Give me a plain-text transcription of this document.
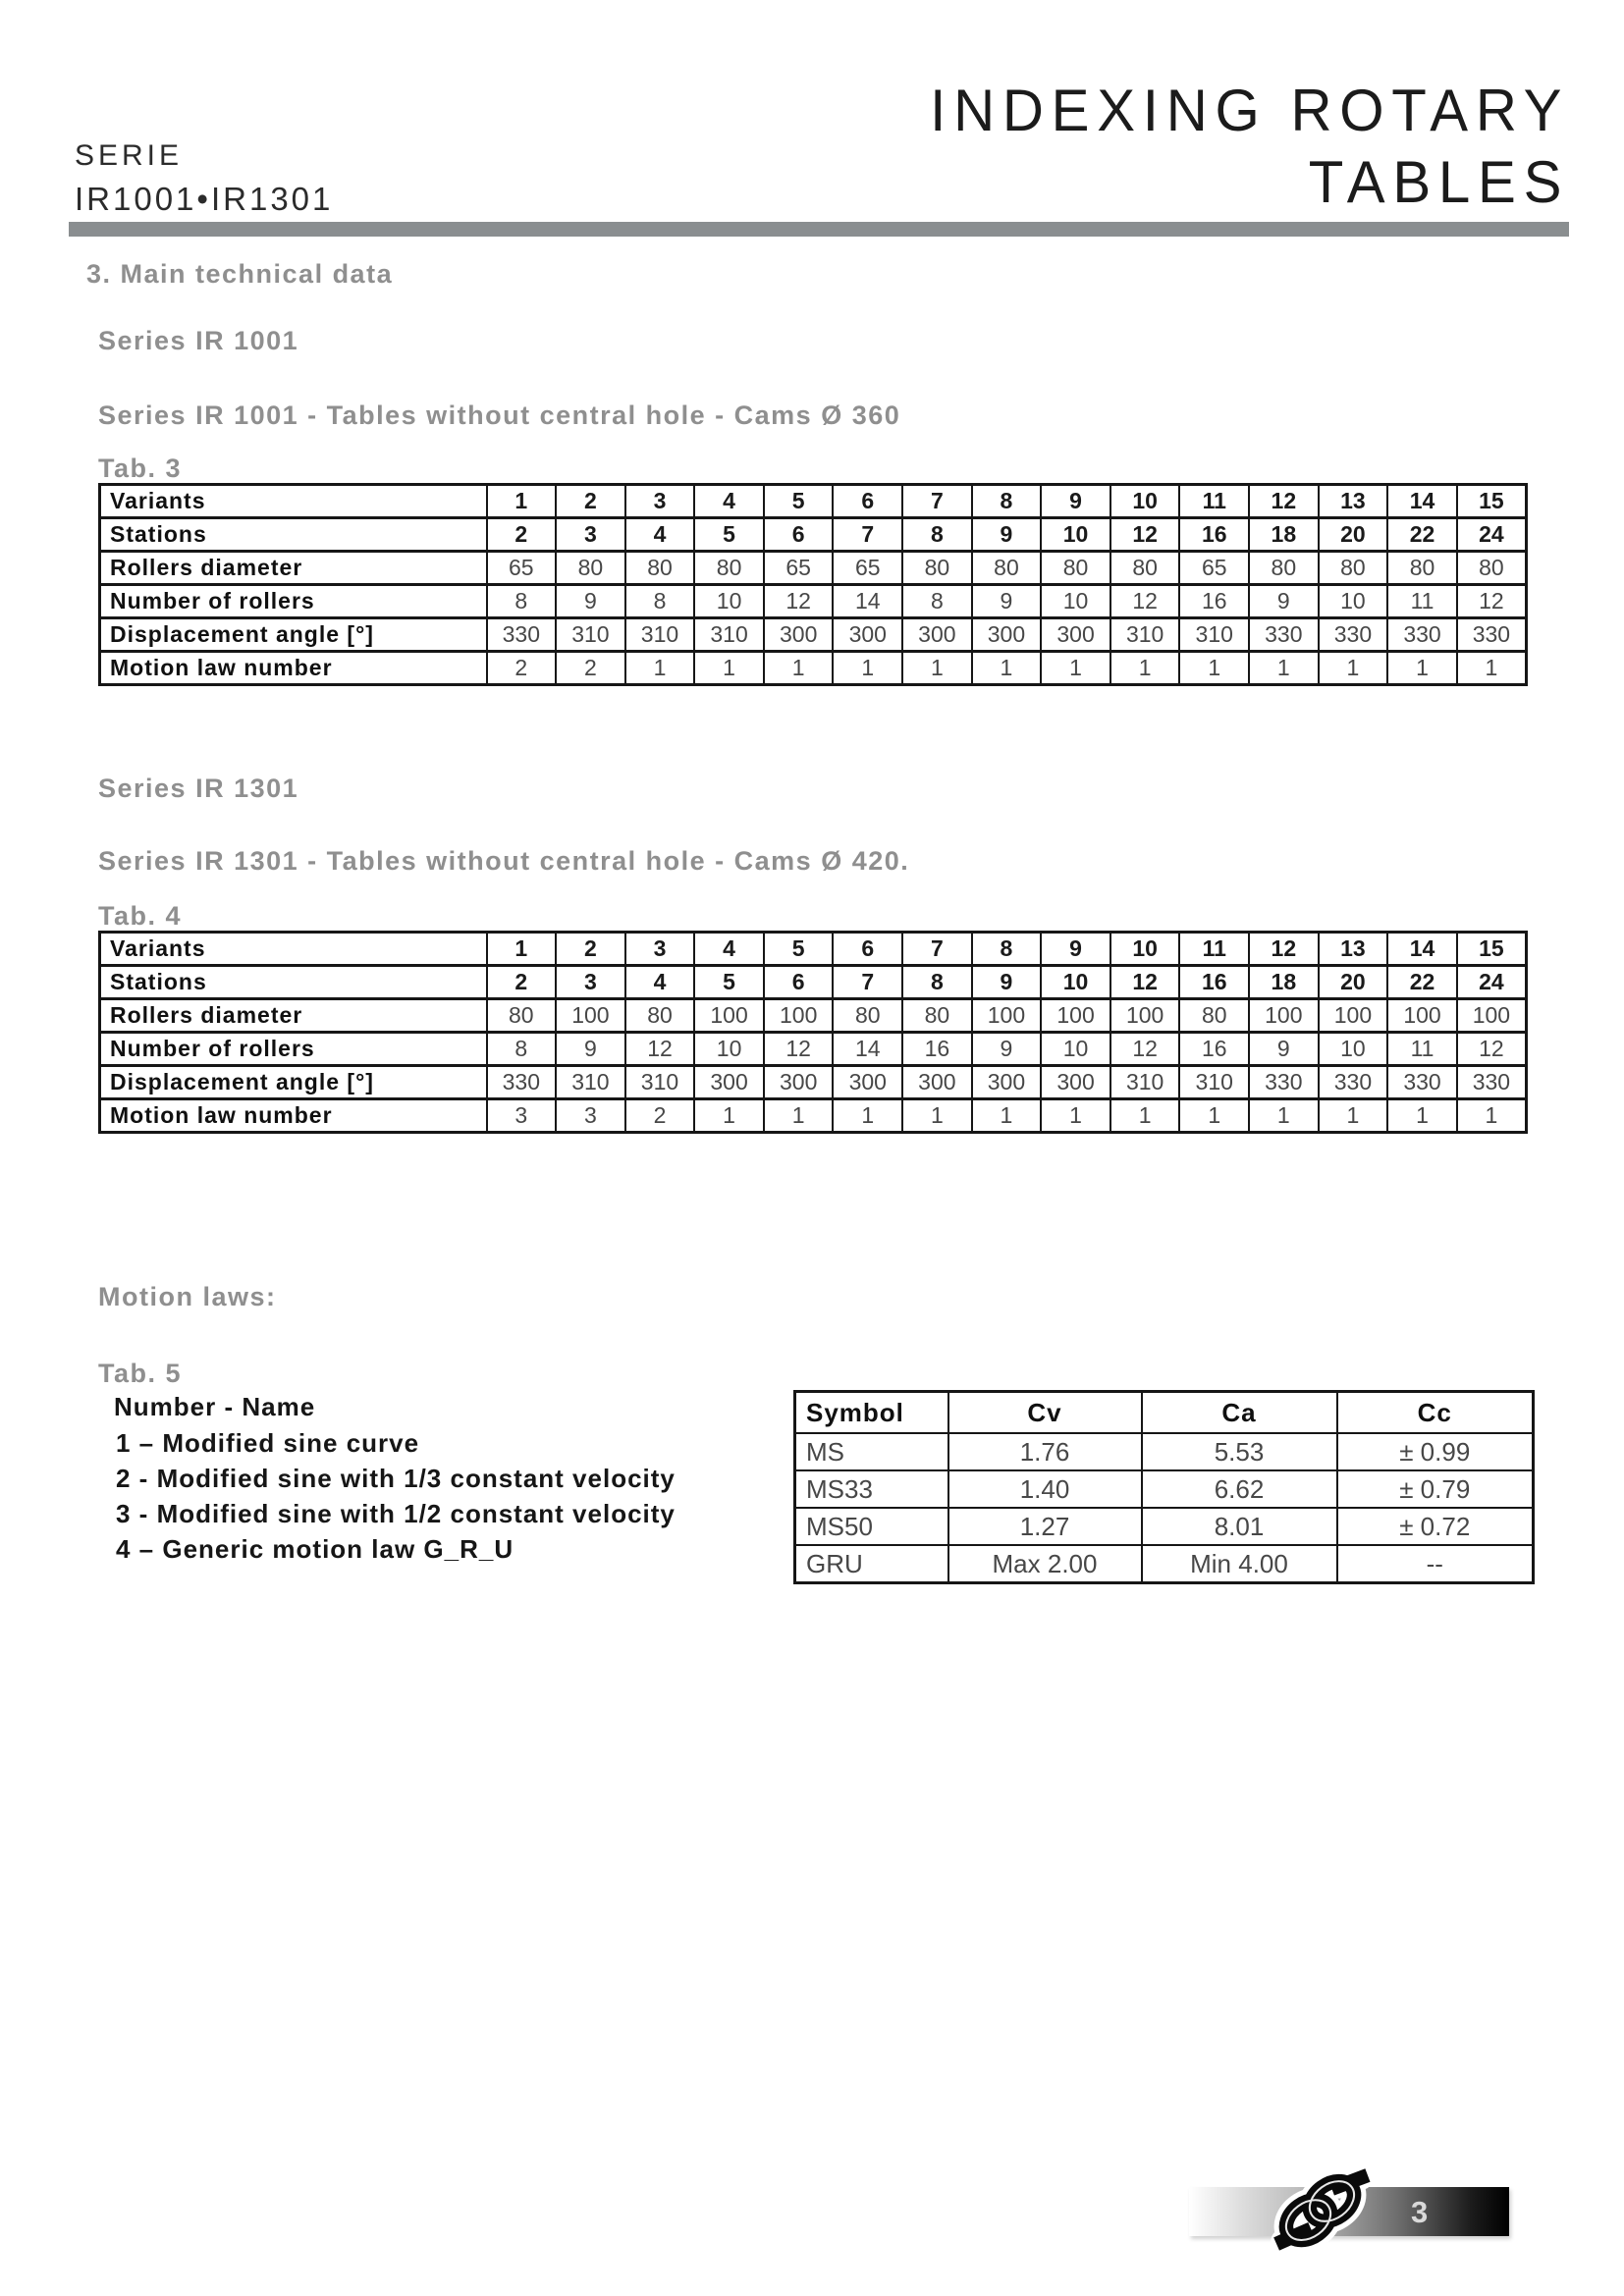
SERIE
IR1001•IR1301
INDEXING ROTARY
TABLES
3. Main technical data
Series IR 1001
Series IR 1001 - Tables without central hole - Cams Ø 360
Tab. 3
Variants	1	2	3	4	5	6	7	8	9	10	11	12	13	14	15
Stations	2	3	4	5	6	7	8	9	10	12	16	18	20	22	24
Rollers diameter	65	80	80	80	65	65	80	80	80	80	65	80	80	80	80
Number of rollers	8	9	8	10	12	14	8	9	10	12	16	9	10	11	12
Displacement angle [°]	330	310	310	310	300	300	300	300	300	310	310	330	330	330	330
Motion law number	2	2	1	1	1	1	1	1	1	1	1	1	1	1	1
Series IR 1301
Series IR 1301 - Tables without central hole - Cams Ø 420.
Tab. 4
Variants	1	2	3	4	5	6	7	8	9	10	11	12	13	14	15
Stations	2	3	4	5	6	7	8	9	10	12	16	18	20	22	24
Rollers diameter	80	100	80	100	100	80	80	100	100	100	80	100	100	100	100
Number of rollers	8	9	12	10	12	14	16	9	10	12	16	9	10	11	12
Displacement angle [°]	330	310	310	300	300	300	300	300	300	310	310	330	330	330	330
Motion law number	3	3	2	1	1	1	1	1	1	1	1	1	1	1	1
Motion laws:
Tab. 5
Number - Name
1 – Modified sine curve
2 - Modified sine with 1/3 constant velocity
3 - Modified sine with 1/2 constant velocity
4 – Generic motion law G_R_U
Symbol	Cv	Ca	Cc
MS	1.76	5.53	± 0.99
MS33	1.40	6.62	± 0.79
MS50	1.27	8.01	± 0.72
GRU	Max 2.00	Min 4.00	--
3
